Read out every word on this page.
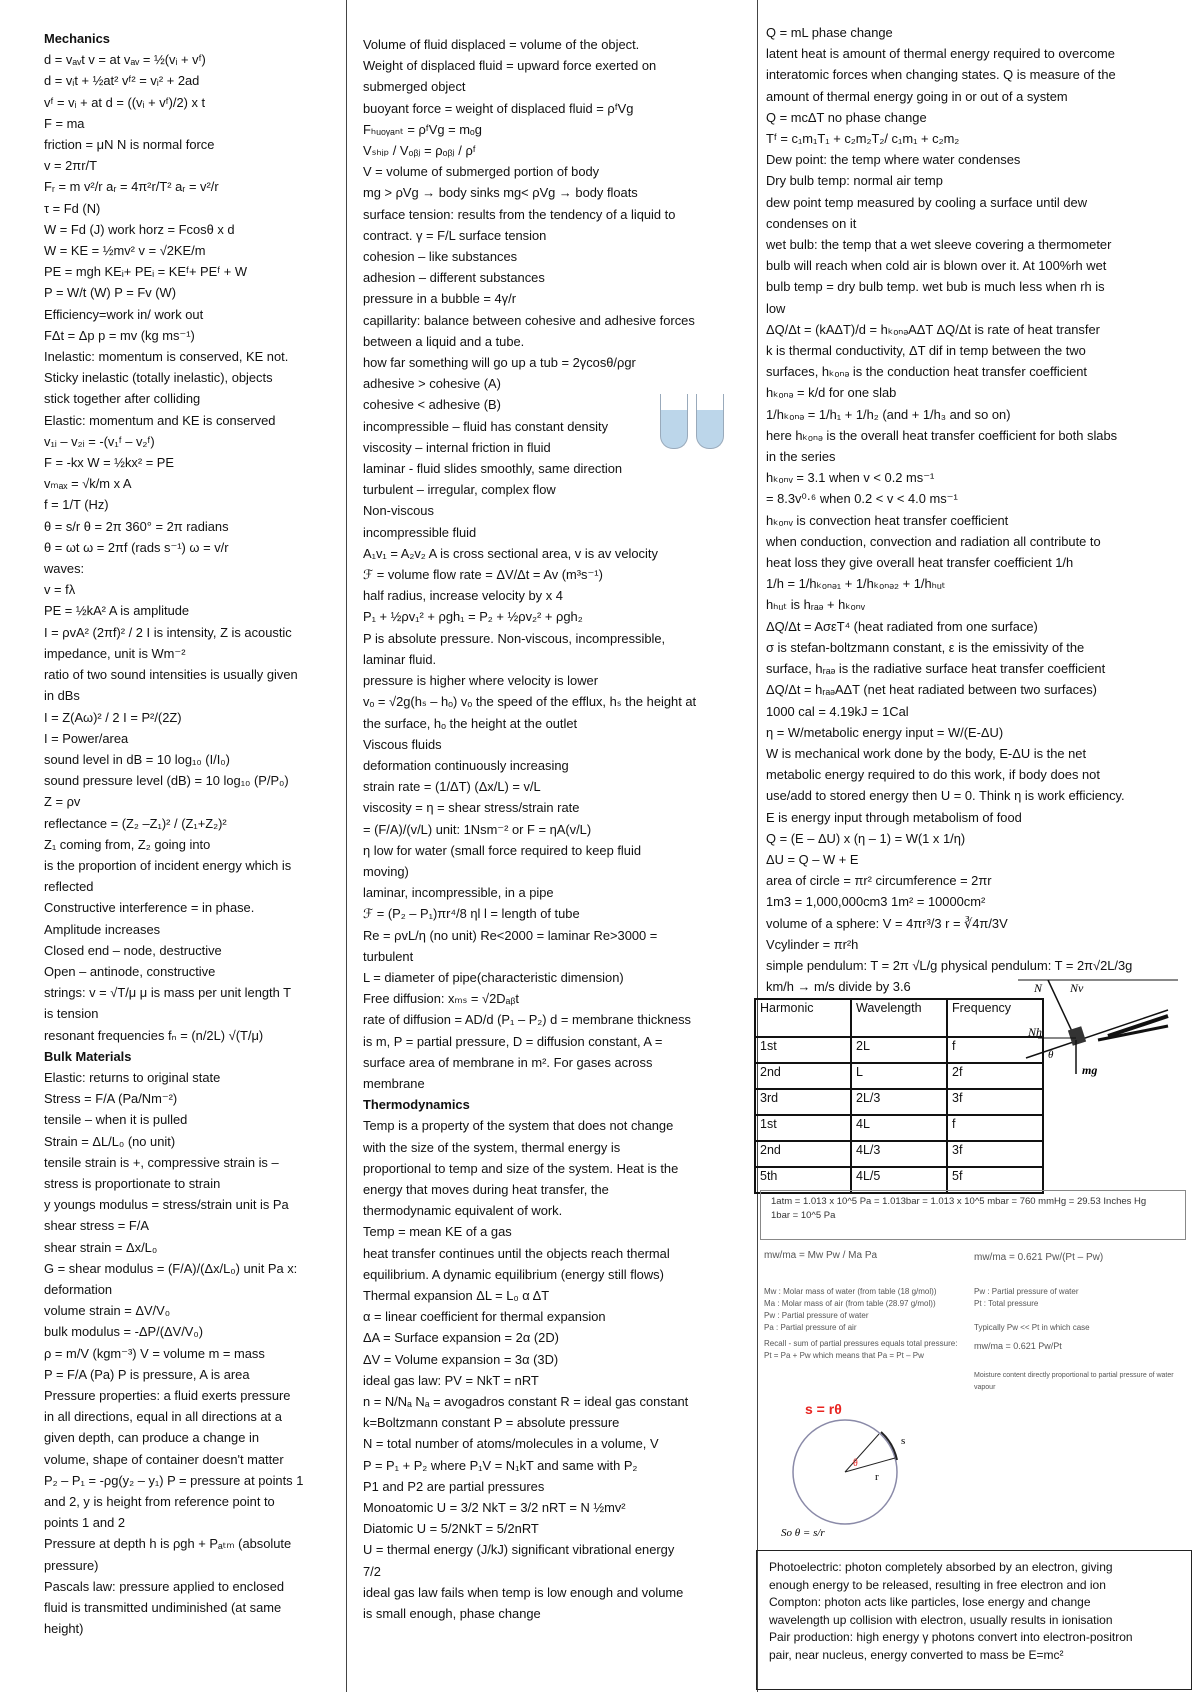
Mechanics
d = vₐᵥt v = at vₐᵥ = ½(vᵢ + vᶠ)
d = vᵢt + ½at² vᶠ² = vᵢ² + 2ad
vᶠ = vᵢ + at d = ((vᵢ + vᶠ)/2) x t
F = ma
friction = μN N is normal force
v = 2πr/T
Fᵣ = m v²/r aᵣ = 4π²r/T² aᵣ = v²/r
τ = Fd (N)
W = Fd (J) work horz = Fcosθ x d
W = KE = ½mv² v = √2KE/m
PE = mgh KEᵢ+ PEᵢ = KEᶠ+ PEᶠ + W
P = W/t (W) P = Fv (W)
Efficiency=work in/ work out
FΔt = Δp p = mv (kg ms⁻¹)
Inelastic: momentum is conserved, KE not.
Sticky inelastic (totally inelastic), objects
stick together after colliding
Elastic: momentum and KE is conserved
v₁ᵢ – v₂ᵢ = -(v₁ᶠ – v₂ᶠ)
F = -kx W = ½kx² = PE
vₘₐₓ = √k/m x A
f = 1/T (Hz)
θ = s/r θ = 2π 360° = 2π radians
θ = ωt ω = 2πf (rads s⁻¹) ω = v/r
waves:
v = fλ
PE = ½kA² A is amplitude
I = ρvA² (2πf)² / 2 I is intensity, Z is acoustic
impedance, unit is Wm⁻²
ratio of two sound intensities is usually given
in dBs
I = Z(Aω)² / 2 I = P²/(2Z)
I = Power/area
sound level in dB = 10 log₁₀ (I/I₀)
sound pressure level (dB) = 10 log₁₀ (P/P₀)
Z = ρv
reflectance = (Z₂ –Z₁)² / (Z₁+Z₂)²
Z₁ coming from, Z₂ going into
is the proportion of incident energy which is
reflected
Constructive interference = in phase.
Amplitude increases
Closed end – node, destructive
Open – antinode, constructive
strings: v = √T/μ μ is mass per unit length T
is tension
resonant frequencies fₙ = (n/2L) √(T/μ)
Bulk Materials
Elastic: returns to original state
Stress = F/A (Pa/Nm⁻²)
tensile – when it is pulled
Strain = ΔL/L₀ (no unit)
tensile strain is +, compressive strain is –
stress is proportionate to strain
y youngs modulus = stress/strain unit is Pa
shear stress = F/A
shear strain = Δx/L₀
G = shear modulus = (F/A)/(Δx/L₀) unit Pa x:
deformation
volume strain = ΔV/V₀
bulk modulus = -ΔP/(ΔV/V₀)
ρ = m/V (kgm⁻³) V = volume m = mass
P = F/A (Pa) P is pressure, A is area
Pressure properties: a fluid exerts pressure
in all directions, equal in all directions at a
given depth, can produce a change in
volume, shape of container doesn't matter
P₂ – P₁ = -ρg(y₂ – y₁) P = pressure at points 1
and 2, y is height from reference point to
points 1 and 2
Pressure at depth h is ρgh + Pₐₜₘ (absolute
pressure)
Pascals law: pressure applied to enclosed
fluid is transmitted undiminished (at same
height)
Volume of fluid displaced = volume of the object.
Weight of displaced fluid = upward force exerted on
submerged object
buoyant force = weight of displaced fluid = ρᶠVg
Fₕᵤₒᵧₐₙₜ = ρᶠVg = mₒg
Vₛₕᵢₚ / Vₒᵦⱼ = ρₒᵦⱼ / ρᶠ
V = volume of submerged portion of body
mg > ρVg → body sinks mg< ρVg → body floats
surface tension: results from the tendency of a liquid to
contract. γ = F/L surface tension
cohesion – like substances
adhesion – different substances
pressure in a bubble = 4γ/r
capillarity: balance between cohesive and adhesive forces
between a liquid and a tube.
how far something will go up a tub = 2γcosθ/ρgr
adhesive > cohesive (A)
cohesive < adhesive (B)
incompressible – fluid has constant density
viscosity – internal friction in fluid
laminar - fluid slides smoothly, same direction
turbulent – irregular, complex flow
Non-viscous
incompressible fluid
A₁v₁ = A₂v₂ A is cross sectional area, v is av velocity
ℱ = volume flow rate = ΔV/Δt = Av (m³s⁻¹)
half radius, increase velocity by x 4
P₁ + ½ρv₁² + ρgh₁ = P₂ + ½ρv₂² + ρgh₂
P is absolute pressure. Non-viscous, incompressible,
laminar fluid.
pressure is higher where velocity is lower
vₒ = √2g(hₛ – hₒ) vₒ the speed of the efflux, hₛ the height at
the surface, hₒ the height at the outlet
Viscous fluids
deformation continuously increasing
strain rate = (1/ΔT) (Δx/L) = v/L
viscosity = η = shear stress/strain rate
= (F/A)/(v/L) unit: 1Nsm⁻² or F = ηA(v/L)
η low for water (small force required to keep fluid
moving)
laminar, incompressible, in a pipe
ℱ = (P₂ – P₁)πr⁴/8 ηl l = length of tube
Re = ρvL/η (no unit) Re<2000 = laminar Re>3000 =
turbulent
L = diameter of pipe(characteristic dimension)
Free diffusion: xₘₛ = √2Dₐᵦt
rate of diffusion = AD/d (P₁ – P₂) d = membrane thickness
is m, P = partial pressure, D = diffusion constant, A =
surface area of membrane in m². For gases across
membrane
Thermodynamics
Temp is a property of the system that does not change
with the size of the system, thermal energy is
proportional to temp and size of the system. Heat is the
energy that moves during heat transfer, the
thermodynamic equivalent of work.
Temp = mean KE of a gas
heat transfer continues until the objects reach thermal
equilibrium. A dynamic equilibrium (energy still flows)
Thermal expansion ΔL = L₀ α ΔT
α = linear coefficient for thermal expansion
ΔA = Surface expansion = 2α (2D)
ΔV = Volume expansion = 3α (3D)
ideal gas law: PV = NkT = nRT
n = N/Nₐ Nₐ = avogadros constant R = ideal gas constant
k=Boltzmann constant P = absolute pressure
N = total number of atoms/molecules in a volume, V
P = P₁ + P₂ where P₁V = N₁kT and same with P₂
P1 and P2 are partial pressures
Monoatomic U = 3/2 NkT = 3/2 nRT = N ½mv²
Diatomic U = 5/2NkT = 5/2nRT
U = thermal energy (J/kJ) significant vibrational energy
7/2
ideal gas law fails when temp is low enough and volume
is small enough, phase change
Q = mL phase change
latent heat is amount of thermal energy required to overcome
interatomic forces when changing states. Q is measure of the
amount of thermal energy going in or out of a system
Q = mcΔT no phase change
Tᶠ = c₁m₁T₁ + c₂m₂T₂/ c₁m₁ + c₂m₂
Dew point: the temp where water condenses
Dry bulb temp: normal air temp
dew point temp measured by cooling a surface until dew
condenses on it
wet bulb: the temp that a wet sleeve covering a thermometer
bulb will reach when cold air is blown over it. At 100%rh wet
bulb temp = dry bulb temp. wet bub is much less when rh is
low
ΔQ/Δt = (kAΔT)/d = hₖₒₙₔAΔT ΔQ/Δt is rate of heat transfer
k is thermal conductivity, ΔT dif in temp between the two
surfaces, hₖₒₙₔ is the conduction heat transfer coefficient
hₖₒₙₔ = k/d for one slab
1/hₖₒₙₔ = 1/h₁ + 1/h₂ (and + 1/h₃ and so on)
here hₖₒₙₔ is the overall heat transfer coefficient for both slabs
in the series
hₖₒₙᵥ = 3.1 when v < 0.2 ms⁻¹
= 8.3v⁰·⁶ when 0.2 < v < 4.0 ms⁻¹
hₖₒₙᵥ is convection heat transfer coefficient
when conduction, convection and radiation all contribute to
heat loss they give overall heat transfer coefficient 1/h
1/h = 1/hₖₒₙₔ₁ + 1/hₖₒₙₔ₂ + 1/hₕᵤₜ
hₕᵤₜ is hᵣₐₔ + hₖₒₙᵥ
ΔQ/Δt = AσεT⁴ (heat radiated from one surface)
σ is stefan-boltzmann constant, ε is the emissivity of the
surface, hᵣₐₔ is the radiative surface heat transfer coefficient
ΔQ/Δt = hᵣₐₔAΔT (net heat radiated between two surfaces)
1000 cal = 4.19kJ = 1Cal
η = W/metabolic energy input = W/(E-ΔU)
W is mechanical work done by the body, E-ΔU is the net
metabolic energy required to do this work, if body does not
use/add to stored energy then U = 0. Think η is work efficiency.
E is energy input through metabolism of food
Q = (E – ΔU) x (η – 1) = W(1 x 1/η)
ΔU = Q – W + E
area of circle = πr² circumference = 2πr
1m3 = 1,000,000cm3 1m² = 10000cm²
volume of a sphere: V = 4πr³/3 r = ∛4π/3V
Vcylinder = πr²h
simple pendulum: T = 2π √L/g physical pendulum: T = 2π√2L/3g
km/h → m/s divide by 3.6
Harmonic	Wavelength	Frequency
1st	2L	f
2nd	L	2f
3rd	2L/3	3f
1st	4L	f
2nd	4L/3	3f
5th	4L/5	5f
N Nv
Nh
θ
mg
1atm = 1.013 x 10^5 Pa = 1.013bar = 1.013 x 10^5 mbar = 760 mmHg = 29.53 Inches Hg
1bar = 10^5 Pa
mw/ma = Mw Pw / Ma Pa
Mw : Molar mass of water (from table (18 g/mol))
Ma : Molar mass of air (from table (28.97 g/mol))
Pw : Partial pressure of water
Pa : Partial pressure of air
Recall - sum of partial pressures equals total pressure:
Pt = Pa + Pw which means that Pa = Pt – Pw
mw/ma = 0.621 Pw/(Pt – Pw)
Pw : Partial pressure of water
Pt : Total pressure
Typically Pw << Pt in which case
mw/ma = 0.621 Pw/Pt
Moisture content directly proportional to partial pressure of water vapour
s = rθ
s
r
θ
So θ = s/r
Photoelectric: photon completely absorbed by an electron, giving
enough energy to be released, resulting in free electron and ion
Compton: photon acts like particles, lose energy and change
wavelength up collision with electron, usually results in ionisation
Pair production: high energy γ photons convert into electron-positron
pair, near nucleus, energy converted to mass be E=mc²
